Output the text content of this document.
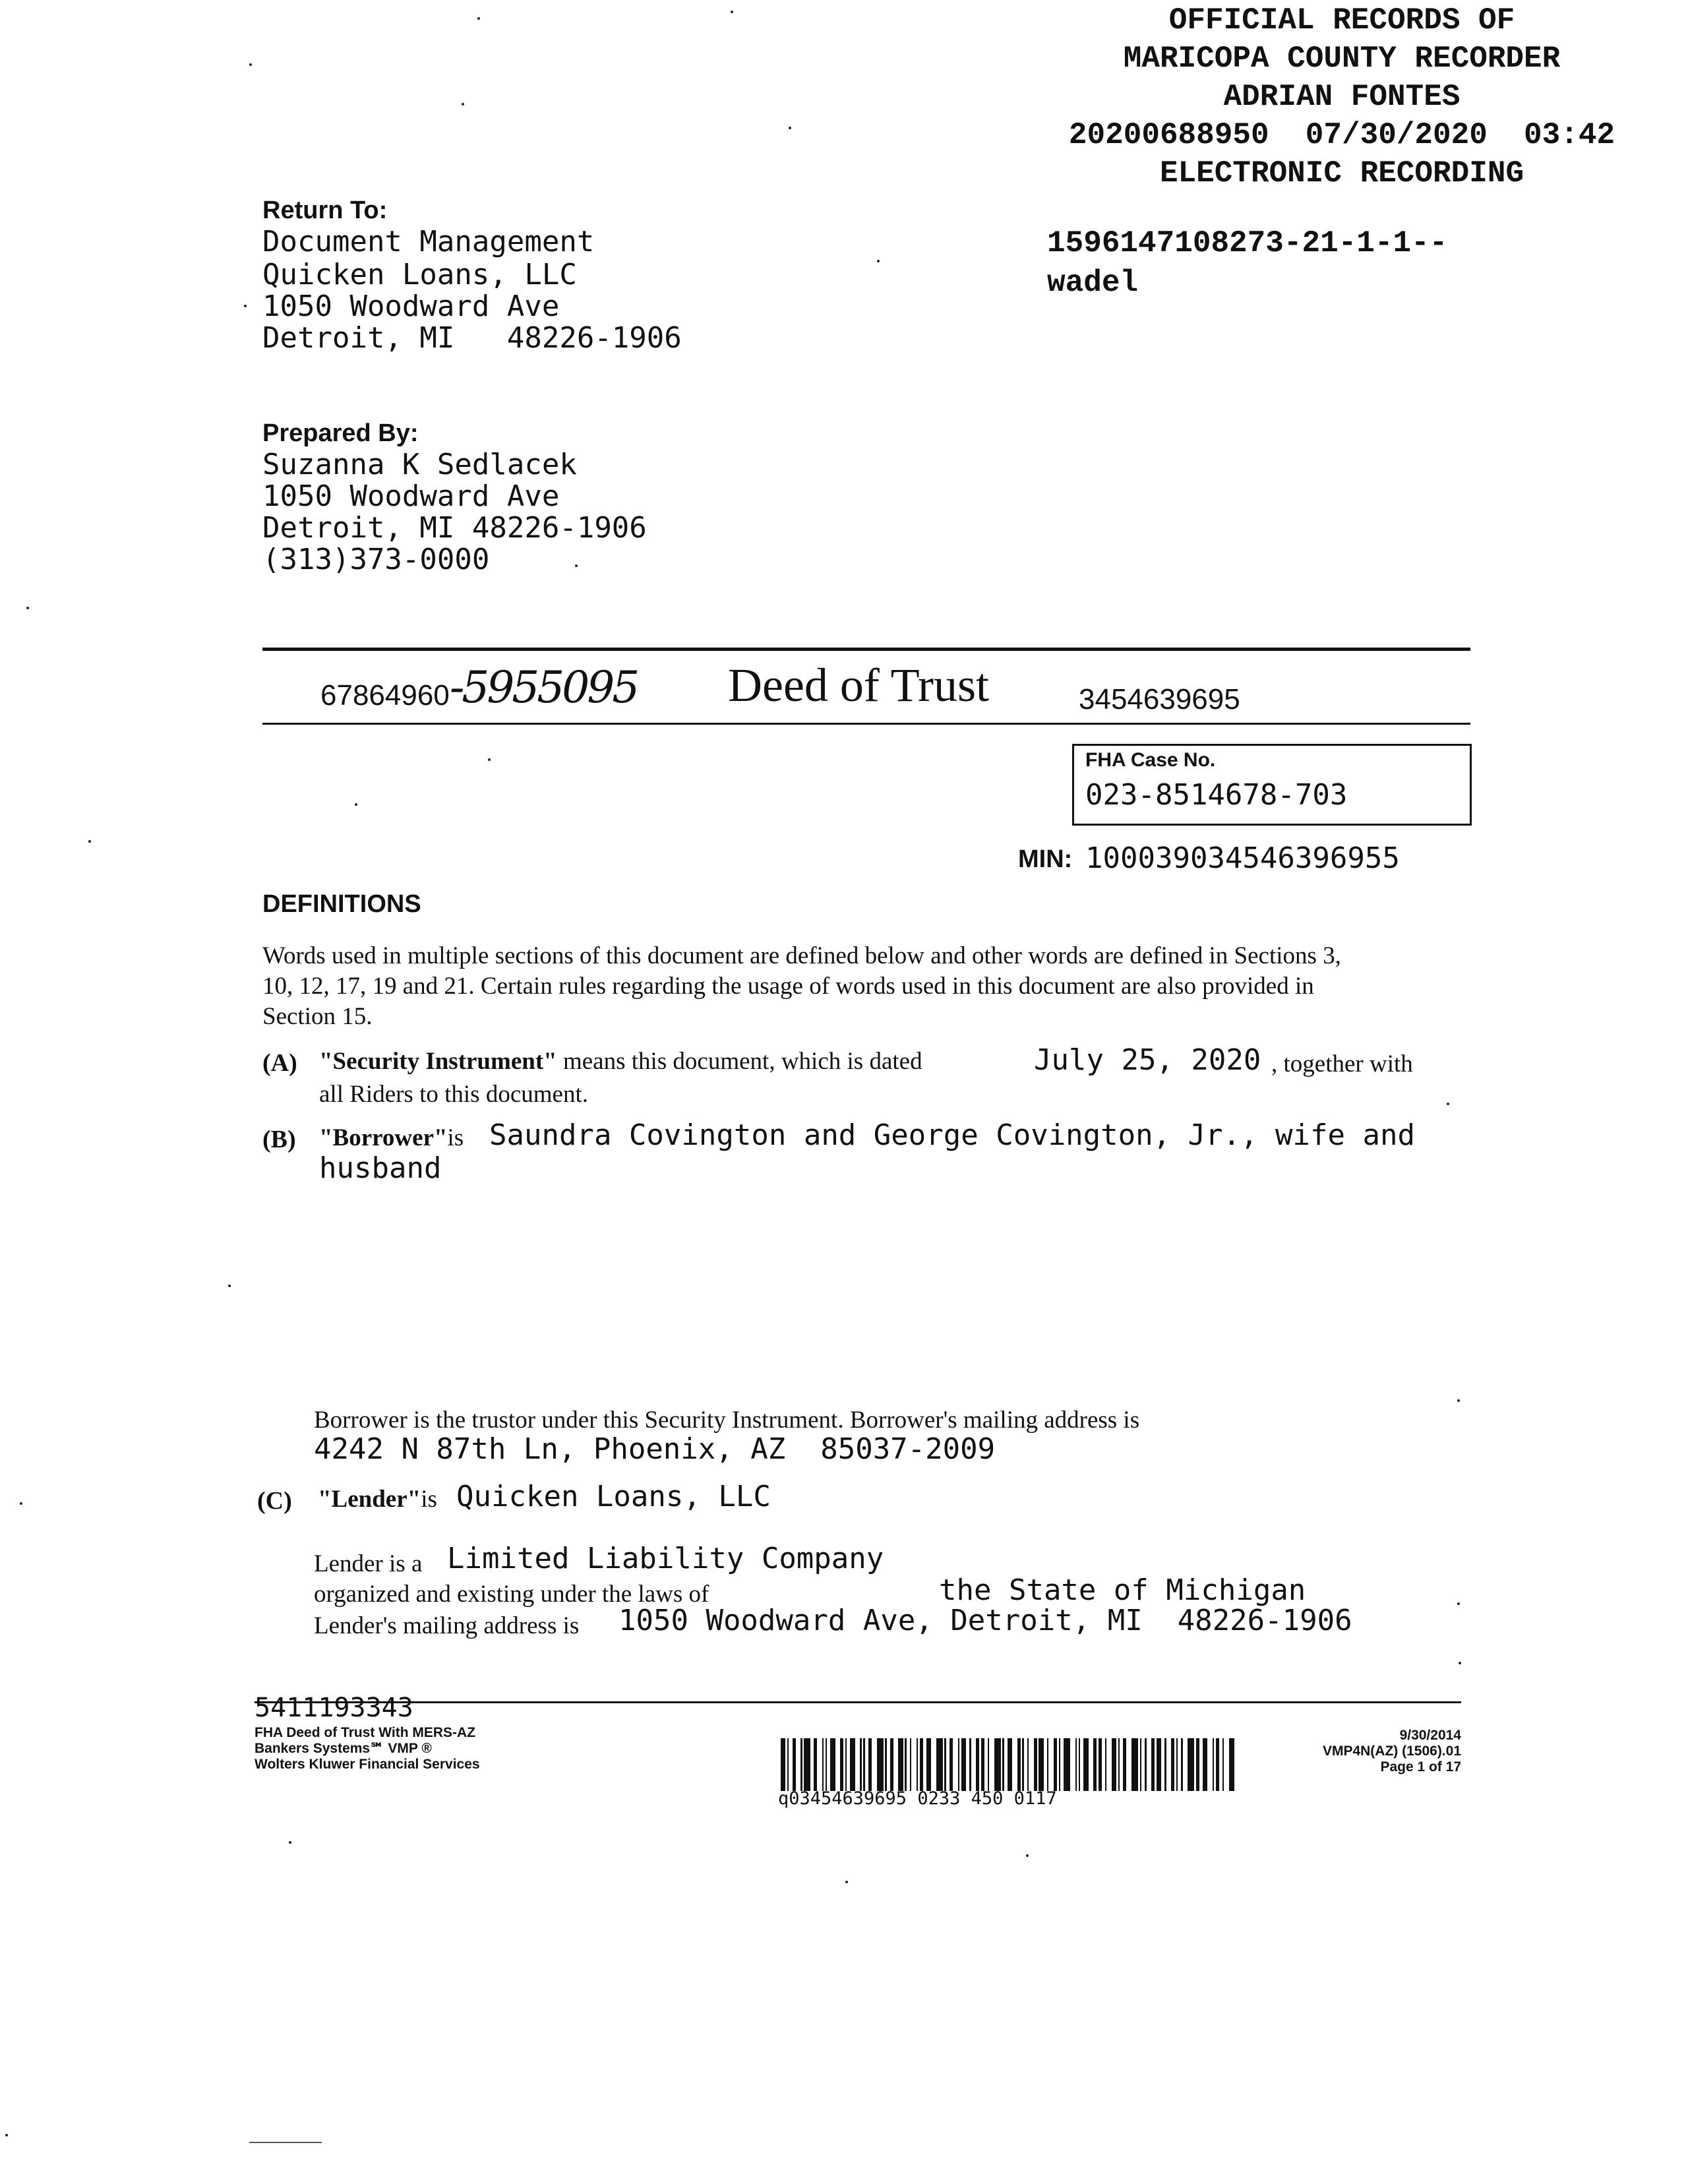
OFFICIAL RECORDS OF
MARICOPA COUNTY RECORDER
ADRIAN FONTES
20200688950  07/30/2020  03:42
ELECTRONIC RECORDING
1596147108273-21-1-1--
wadel
Return To:
Document Management
Quicken Loans, LLC
1050 Woodward Ave
Detroit, MI   48226-1906
Prepared By:
Suzanna K Sedlacek
1050 Woodward Ave
Detroit, MI 48226-1906
(313)373-0000
67864960 -5955095 Deed of Trust	3454639695
FHA Case No.
023-8514678-703
MIN: 100039034546396955
DEFINITIONS
Words used in multiple sections of this document are defined below and other words are defined in Sections 3,
10, 12, 17, 19 and 21. Certain rules regarding the usage of words used in this document are also provided in
Section 15.
(A) "Security Instrument" means this document, which is dated	July 25, 2020 , together with
all Riders to this document.
(B) "Borrower"is Saundra Covington and George Covington, Jr., wife and
husband
Borrower is the trustor under this Security Instrument. Borrower's mailing address is
4242 N 87th Ln, Phoenix, AZ  85037-2009
(C) "Lender"is Quicken Loans, LLC
Lender is a Limited Liability Company
organized and existing under the laws of	the State of Michigan
Lender's mailing address is 1050 Woodward Ave, Detroit, MI  48226-1906
5411193343
FHA Deed of Trust With MERS-AZ
Bankers Systems℠ VMP ®
Wolters Kluwer Financial Services
q03454639695 0233 450 0117
9/30/2014
VMP4N(AZ) (1506).01
Page 1 of 17
